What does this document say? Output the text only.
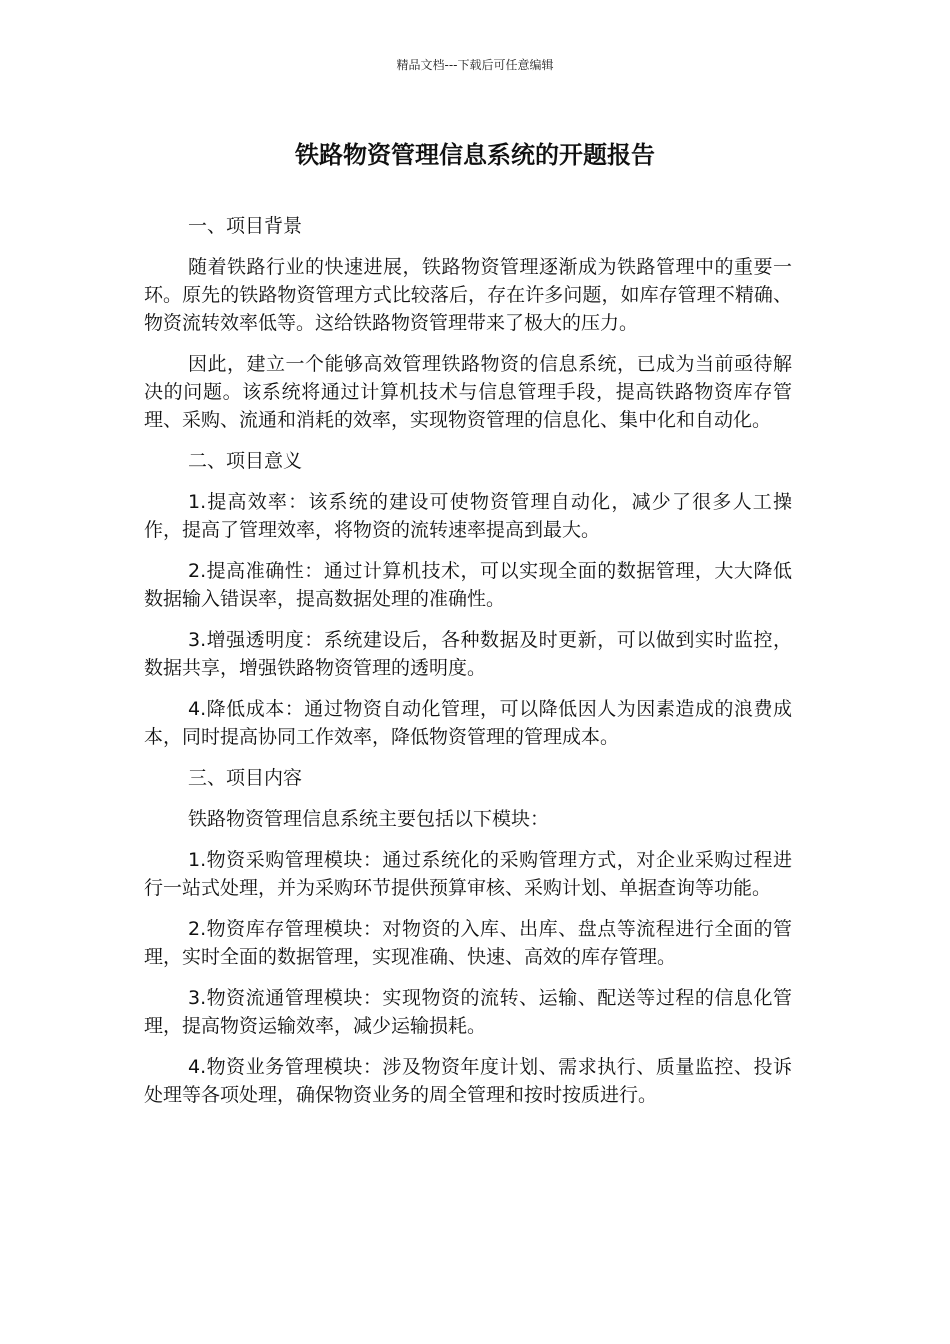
精品文档---下载后可任意编辑
铁路物资管理信息系统的开题报告
一、项目背景

随着铁路行业的快速进展，铁路物资管理逐渐成为铁路管理中的重要一环。原先的铁路物资管理方式比较落后，存在许多问题，如库存管理不精确、物资流转效率低等。这给铁路物资管理带来了极大的压力。

因此，建立一个能够高效管理铁路物资的信息系统，已成为当前亟待解决的问题。该系统将通过计算机技术与信息管理手段，提高铁路物资库存管理、采购、流通和消耗的效率，实现物资管理的信息化、集中化和自动化。

二、项目意义

1.提高效率：该系统的建设可使物资管理自动化，减少了很多人工操作，提高了管理效率，将物资的流转速率提高到最大。

2.提高准确性：通过计算机技术，可以实现全面的数据管理，大大降低数据输入错误率，提高数据处理的准确性。

3.增强透明度：系统建设后，各种数据及时更新，可以做到实时监控，数据共享，增强铁路物资管理的透明度。

4.降低成本：通过物资自动化管理，可以降低因人为因素造成的浪费成本，同时提高协同工作效率，降低物资管理的管理成本。

三、项目内容

铁路物资管理信息系统主要包括以下模块：

1.物资采购管理模块：通过系统化的采购管理方式，对企业采购过程进行一站式处理，并为采购环节提供预算审核、采购计划、单据查询等功能。

2.物资库存管理模块：对物资的入库、出库、盘点等流程进行全面的管理，实时全面的数据管理，实现准确、快速、高效的库存管理。

3.物资流通管理模块：实现物资的流转、运输、配送等过程的信息化管理，提高物资运输效率，减少运输损耗。

4.物资业务管理模块：涉及物资年度计划、需求执行、质量监控、投诉处理等各项处理，确保物资业务的周全管理和按时按质进行。
